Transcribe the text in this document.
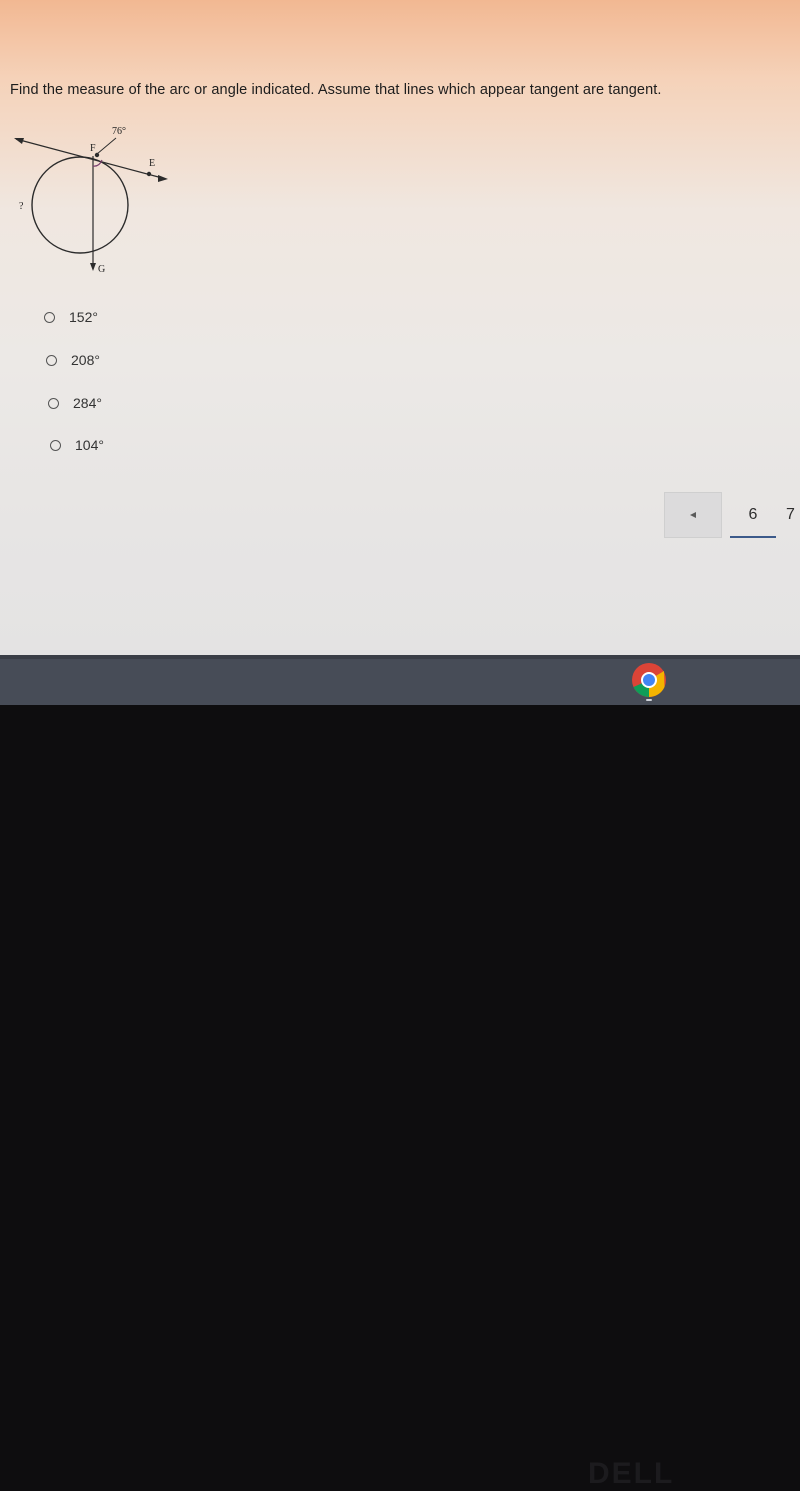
Find the measure of the arc or angle indicated. Assume that lines which appear tangent are tangent.
76°
F
E
G
?
152°
208°
284°
104°
6	7
DELL
